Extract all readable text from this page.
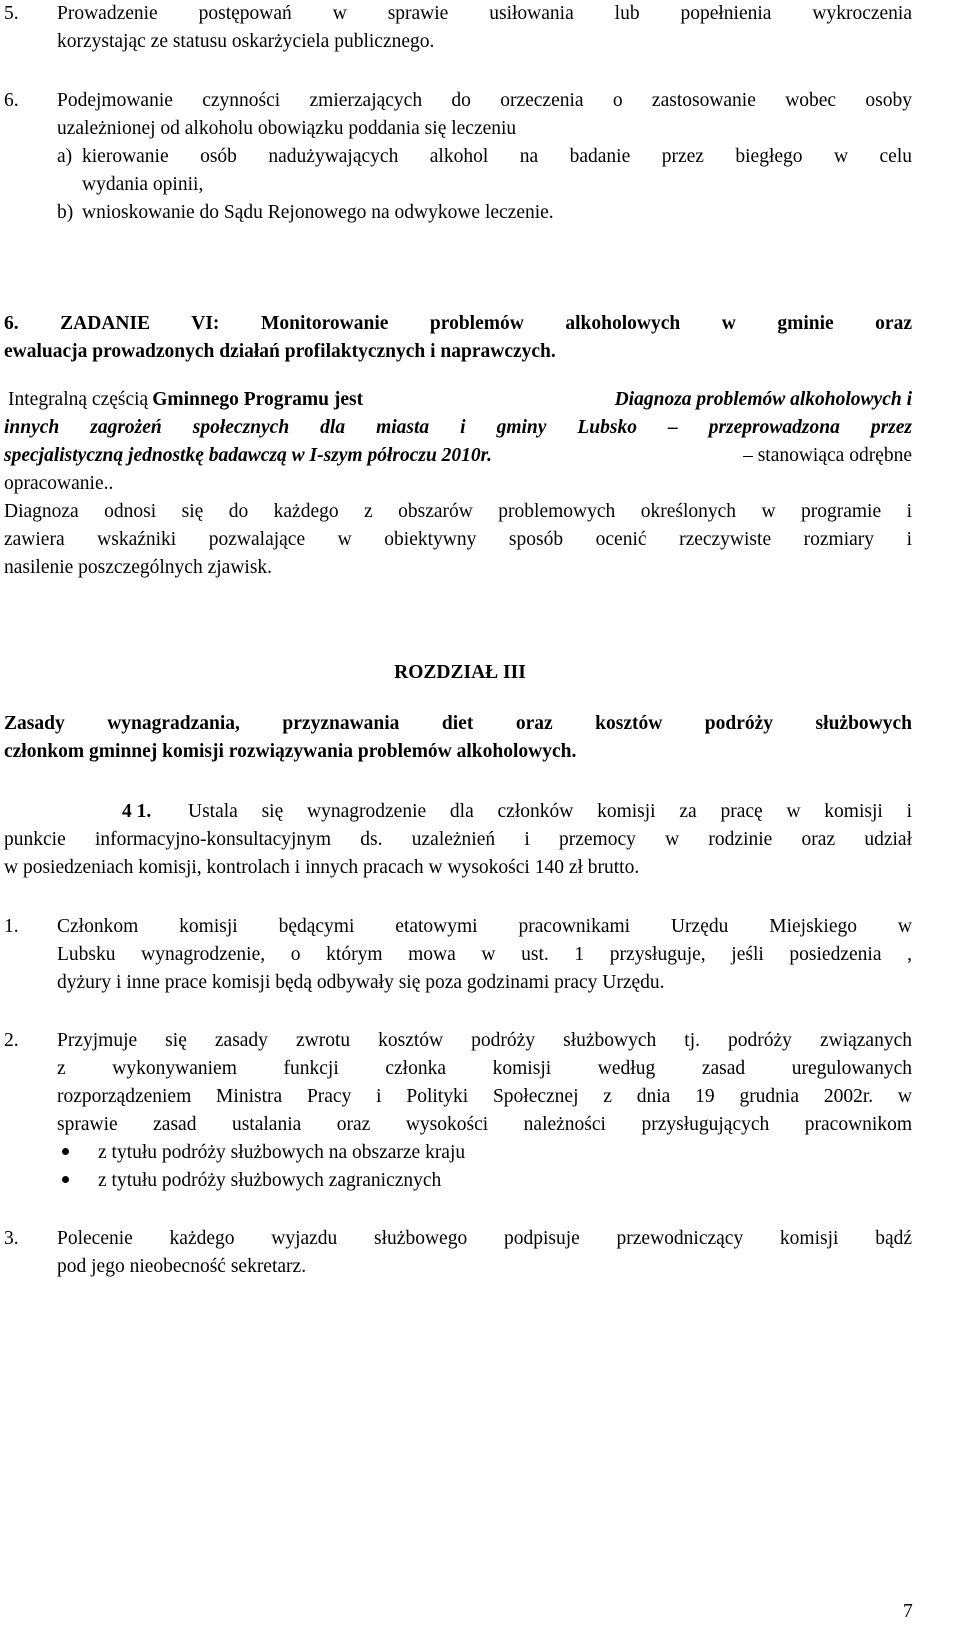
5. Prowadzenie postępowań w sprawie usiłowania lub popełnienia wykroczenia
korzystając ze statusu oskarżyciela publicznego.
6. Podejmowanie czynności zmierzających do orzeczenia o zastosowanie wobec osoby
uzależnionej od alkoholu obowiązku poddania się leczeniu
a) kierowanie osób nadużywających alkohol na badanie przez biegłego w celu
wydania opinii,
b) wnioskowanie do Sądu Rejonowego na odwykowe leczenie.
6. ZADANIE VI: Monitorowanie problemów alkoholowych w gminie oraz
ewaluacja prowadzonych działań profilaktycznych i naprawczych.
Integralną częścią Gminnego Programu jest	Diagnoza problemów alkoholowych i
innych zagrożeń społecznych dla miasta i gminy Lubsko – przeprowadzona przez
specjalistyczną jednostkę badawczą w I-szym półroczu 2010r.	– stanowiąca odrębne
opracowanie..
Diagnoza odnosi się do każdego z obszarów problemowych określonych w programie i
zawiera wskaźniki pozwalające w obiektywny sposób ocenić rzeczywiste rozmiary i
nasilenie poszczególnych zjawisk.
ROZDZIAŁ III
Zasady wynagradzania, przyznawania diet oraz kosztów podróży służbowych
członkom gminnej komisji rozwiązywania problemów alkoholowych.
4 1. Ustala się wynagrodzenie dla członków komisji za pracę w komisji i
punkcie informacyjno-konsultacyjnym ds. uzależnień i przemocy w rodzinie oraz udział
w posiedzeniach komisji, kontrolach i innych pracach w wysokości 140 zł brutto.
1. Członkom komisji będącymi etatowymi pracownikami Urzędu Miejskiego w
Lubsku wynagrodzenie, o którym mowa w ust. 1 przysługuje, jeśli posiedzenia ,
dyżury i inne prace komisji będą odbywały się poza godzinami pracy Urzędu.
2. Przyjmuje się zasady zwrotu kosztów podróży służbowych tj. podróży związanych
z wykonywaniem funkcji członka komisji według zasad uregulowanych
rozporządzeniem Ministra Pracy i Polityki Społecznej z dnia 19 grudnia 2002r. w
sprawie zasad ustalania oraz wysokości należności przysługujących pracownikom
z tytułu podróży służbowych na obszarze kraju
z tytułu podróży służbowych zagranicznych
3. Polecenie każdego wyjazdu służbowego podpisuje przewodniczący komisji bądź
pod jego nieobecność sekretarz.
7
